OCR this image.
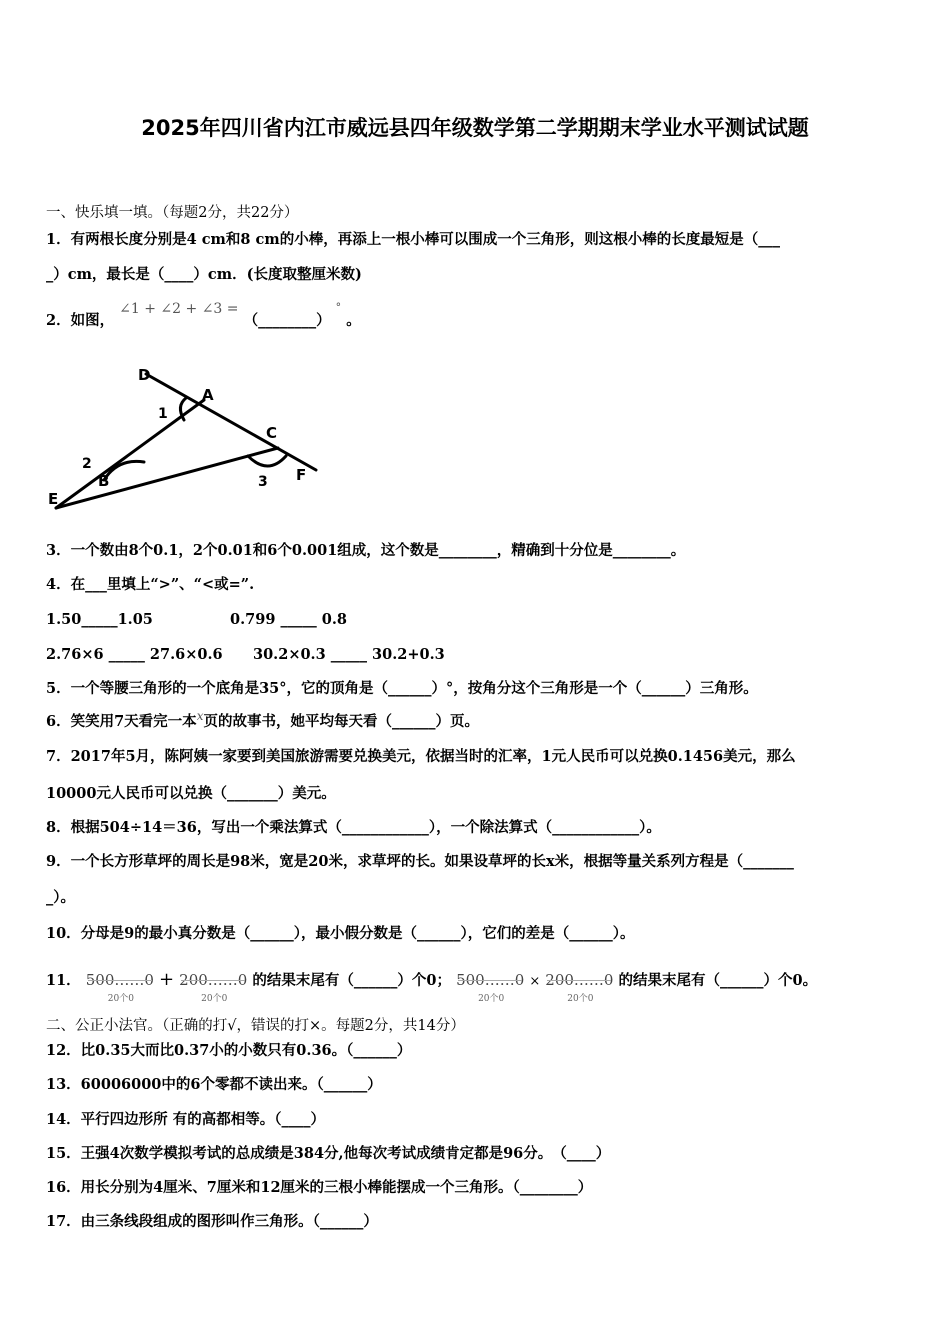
2025年四川省内江市威远县四年级数学第二学期期末学业水平测试试题
一、快乐填一填。（每题2分，共22分）
1．有两根长度分别是4 cm和8 cm的小棒，再添上一根小棒可以围成一个三角形，则这根小棒的长度最短是（___
_）cm，最长是（____）cm．(长度取整厘米数)
2．如图， ∠1 + ∠2 + ∠3 = （________） ° 。
D
A
C
F
E
B
1
2
3
3．一个数由8个0.1，2个0.01和6个0.001组成，这个数是________，精确到十分位是________。
4．在___里填上“>”、“<或=”.
1.50_____1.05	0.799 _____ 0.8
2.76×6 _____ 27.6×0.6 30.2×0.3 _____ 30.2+0.3
5．一个等腰三角形的一个底角是35°，它的顶角是（______）°，按角分这个三角形是一个（______）三角形。
6．笑笑用7天看完一本$^x$页的故事书，她平均每天看（______）页。
7．2017年5月，陈阿姨一家要到美国旅游需要兑换美元，依据当时的汇率，1元人民币可以兑换0.1456美元，那么
10000元人民币可以兑换（_______）美元。
8．根据504÷14＝36，写出一个乘法算式（____________），一个除法算式（____________）。
9．一个长方形草坪的周长是98米，宽是20米，求草坪的长。如果设草坪的长x米，根据等量关系列方程是（_______
_）。
10．分母是9的最小真分数是（______），最小假分数是（______），它们的差是（______）。
11． 500……0
20个0
+ 200……0
20个0
的结果末尾有（______）个0； 500……0
20个0
× 200……0
20个0
的结果末尾有（______）个0。
二、公正小法官。（正确的打√，错误的打×。每题2分，共14分）
12．比0.35大而比0.37小的小数只有0.36。（______）
13．60006000中的6个零都不读出来。（______）
14．平行四边形所 有的高都相等。（____）
15．王强4次数学模拟考试的总成绩是384分,他每次考试成绩肯定都是96分。　（____）
16．用长分别为4厘米、7厘米和12厘米的三根小棒能摆成一个三角形。（________）
17．由三条线段组成的图形叫作三角形。（______）
